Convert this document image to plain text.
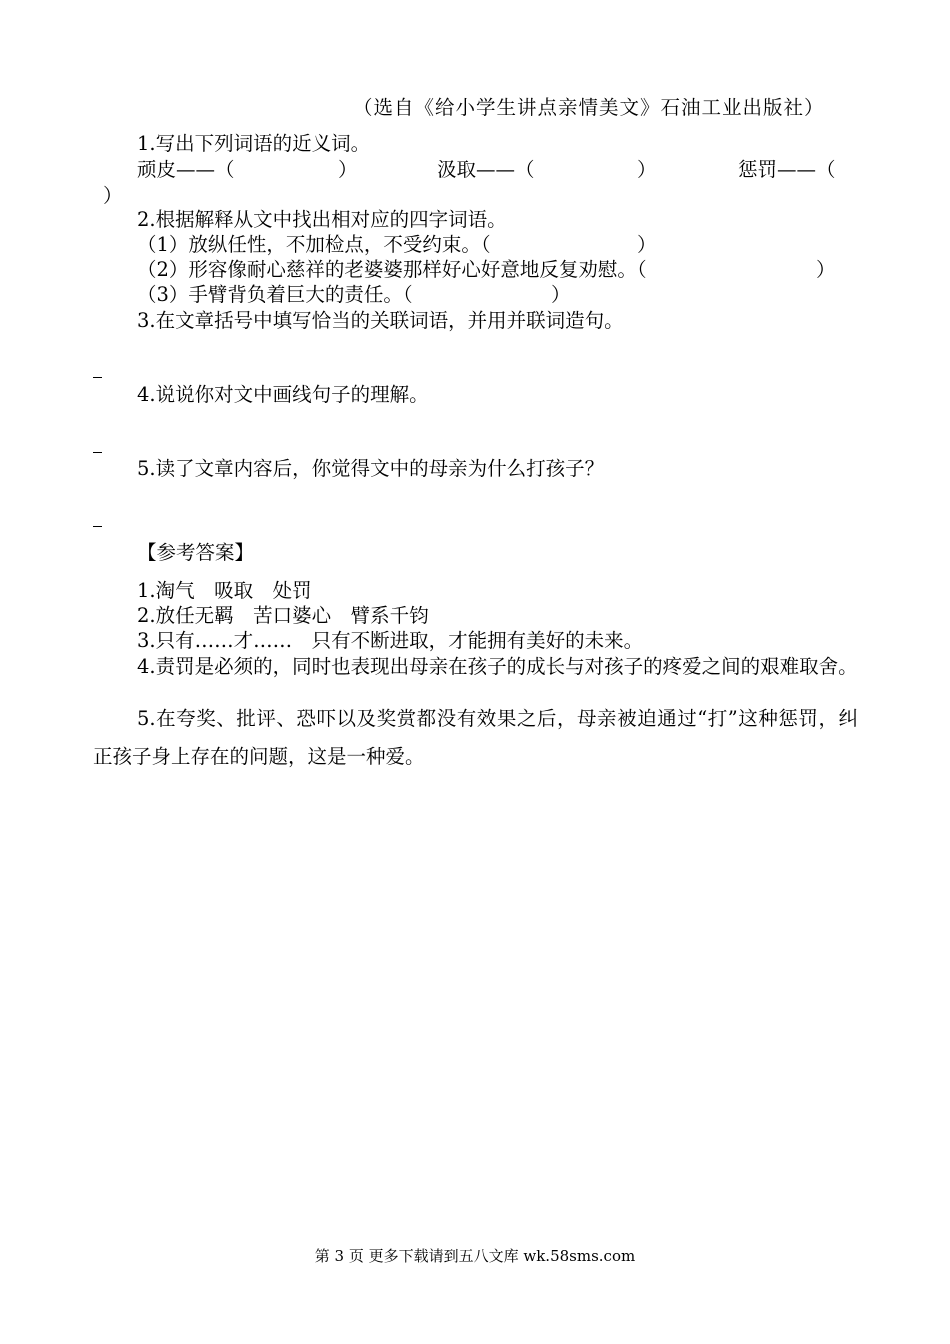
（选自《给小学生讲点亲情美文》石油工业出版社）
1.写出下列词语的近义词。
顽皮——（	）	汲取——（	）	惩罚——（
）
2.根据解释从文中找出相对应的四字词语。
（1）放纵任性，不加检点，不受约束。（	）
（2）形容像耐心慈祥的老婆婆那样好心好意地反复劝慰。（	）
（3）手臂背负着巨大的责任。（	）
3.在文章括号中填写恰当的关联词语，并用并联词造句。
4.说说你对文中画线句子的理解。
5.读了文章内容后，你觉得文中的母亲为什么打孩子？
【参考答案】
1.淘气　吸取　处罚
2.放任无羁　苦口婆心　臂系千钧
3.只有……才……　只有不断进取，才能拥有美好的未来。
4.责罚是必须的，同时也表现出母亲在孩子的成长与对孩子的疼爱之间的艰难取舍。
5.在夸奖、批评、恐吓以及奖赏都没有效果之后，母亲被迫通过“打”这种惩罚，纠正孩子身上存在的问题，这是一种爱。
第 3 页 更多下载请到五八文库 wk.58sms.com
